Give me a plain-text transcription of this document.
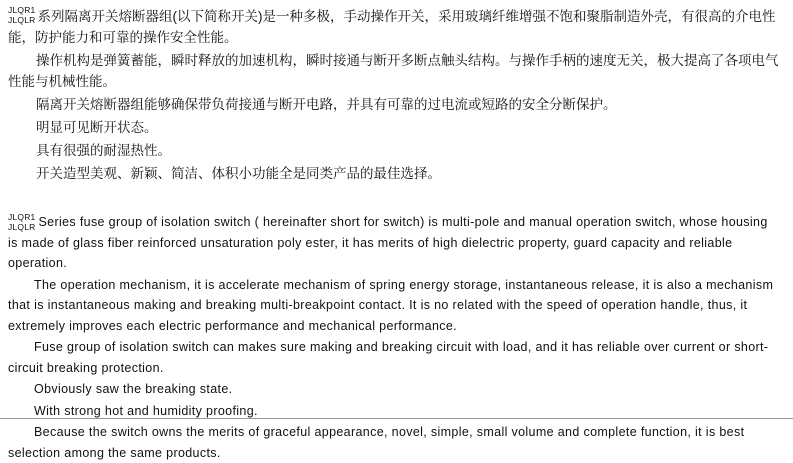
JLQR1
JLQLR 系列隔离开关熔断器组(以下简称开关)是一种多极，手动操作开关，采用玻璃纤维增强不饱和聚脂制造外壳，有很高的介电性能，防护能力和可靠的操作安全性能。

操作机构是弹簧蓄能，瞬时释放的加速机构，瞬时接通与断开多断点触头结构。与操作手柄的速度无关，极大提高了各项电气性能与机械性能。

隔离开关熔断器组能够确保带负荷接通与断开电路，并具有可靠的过电流或短路的安全分断保护。

明显可见断开状态。

具有很强的耐湿热性。

开关造型美观、新颖、简洁、体积小功能全是同类产品的最佳选择。

JLQR1
JLQLR Series fuse group of isolation switch ( hereinafter short for switch) is multi-pole and manual operation switch, whose housing is made of glass fiber reinforced unsaturation poly ester, it has merits of high dielectric property, guard capacity and reliable operation.

The operation mechanism, it is accelerate mechanism of spring energy storage, instantaneous release, it is also a mechanism that is instantaneous making and breaking multi-breakpoint contact. It is no related with the speed of operation handle, thus, it extremely improves each electric performance and mechanical performance.

Fuse group of isolation switch can makes sure making and breaking circuit with load, and it has reliable over current or short-circuit breaking protection.

Obviously saw the breaking state.

With strong hot and humidity proofing.

Because the switch owns the merits of graceful appearance, novel, simple, small volume and complete function, it is best selection among the same products.
